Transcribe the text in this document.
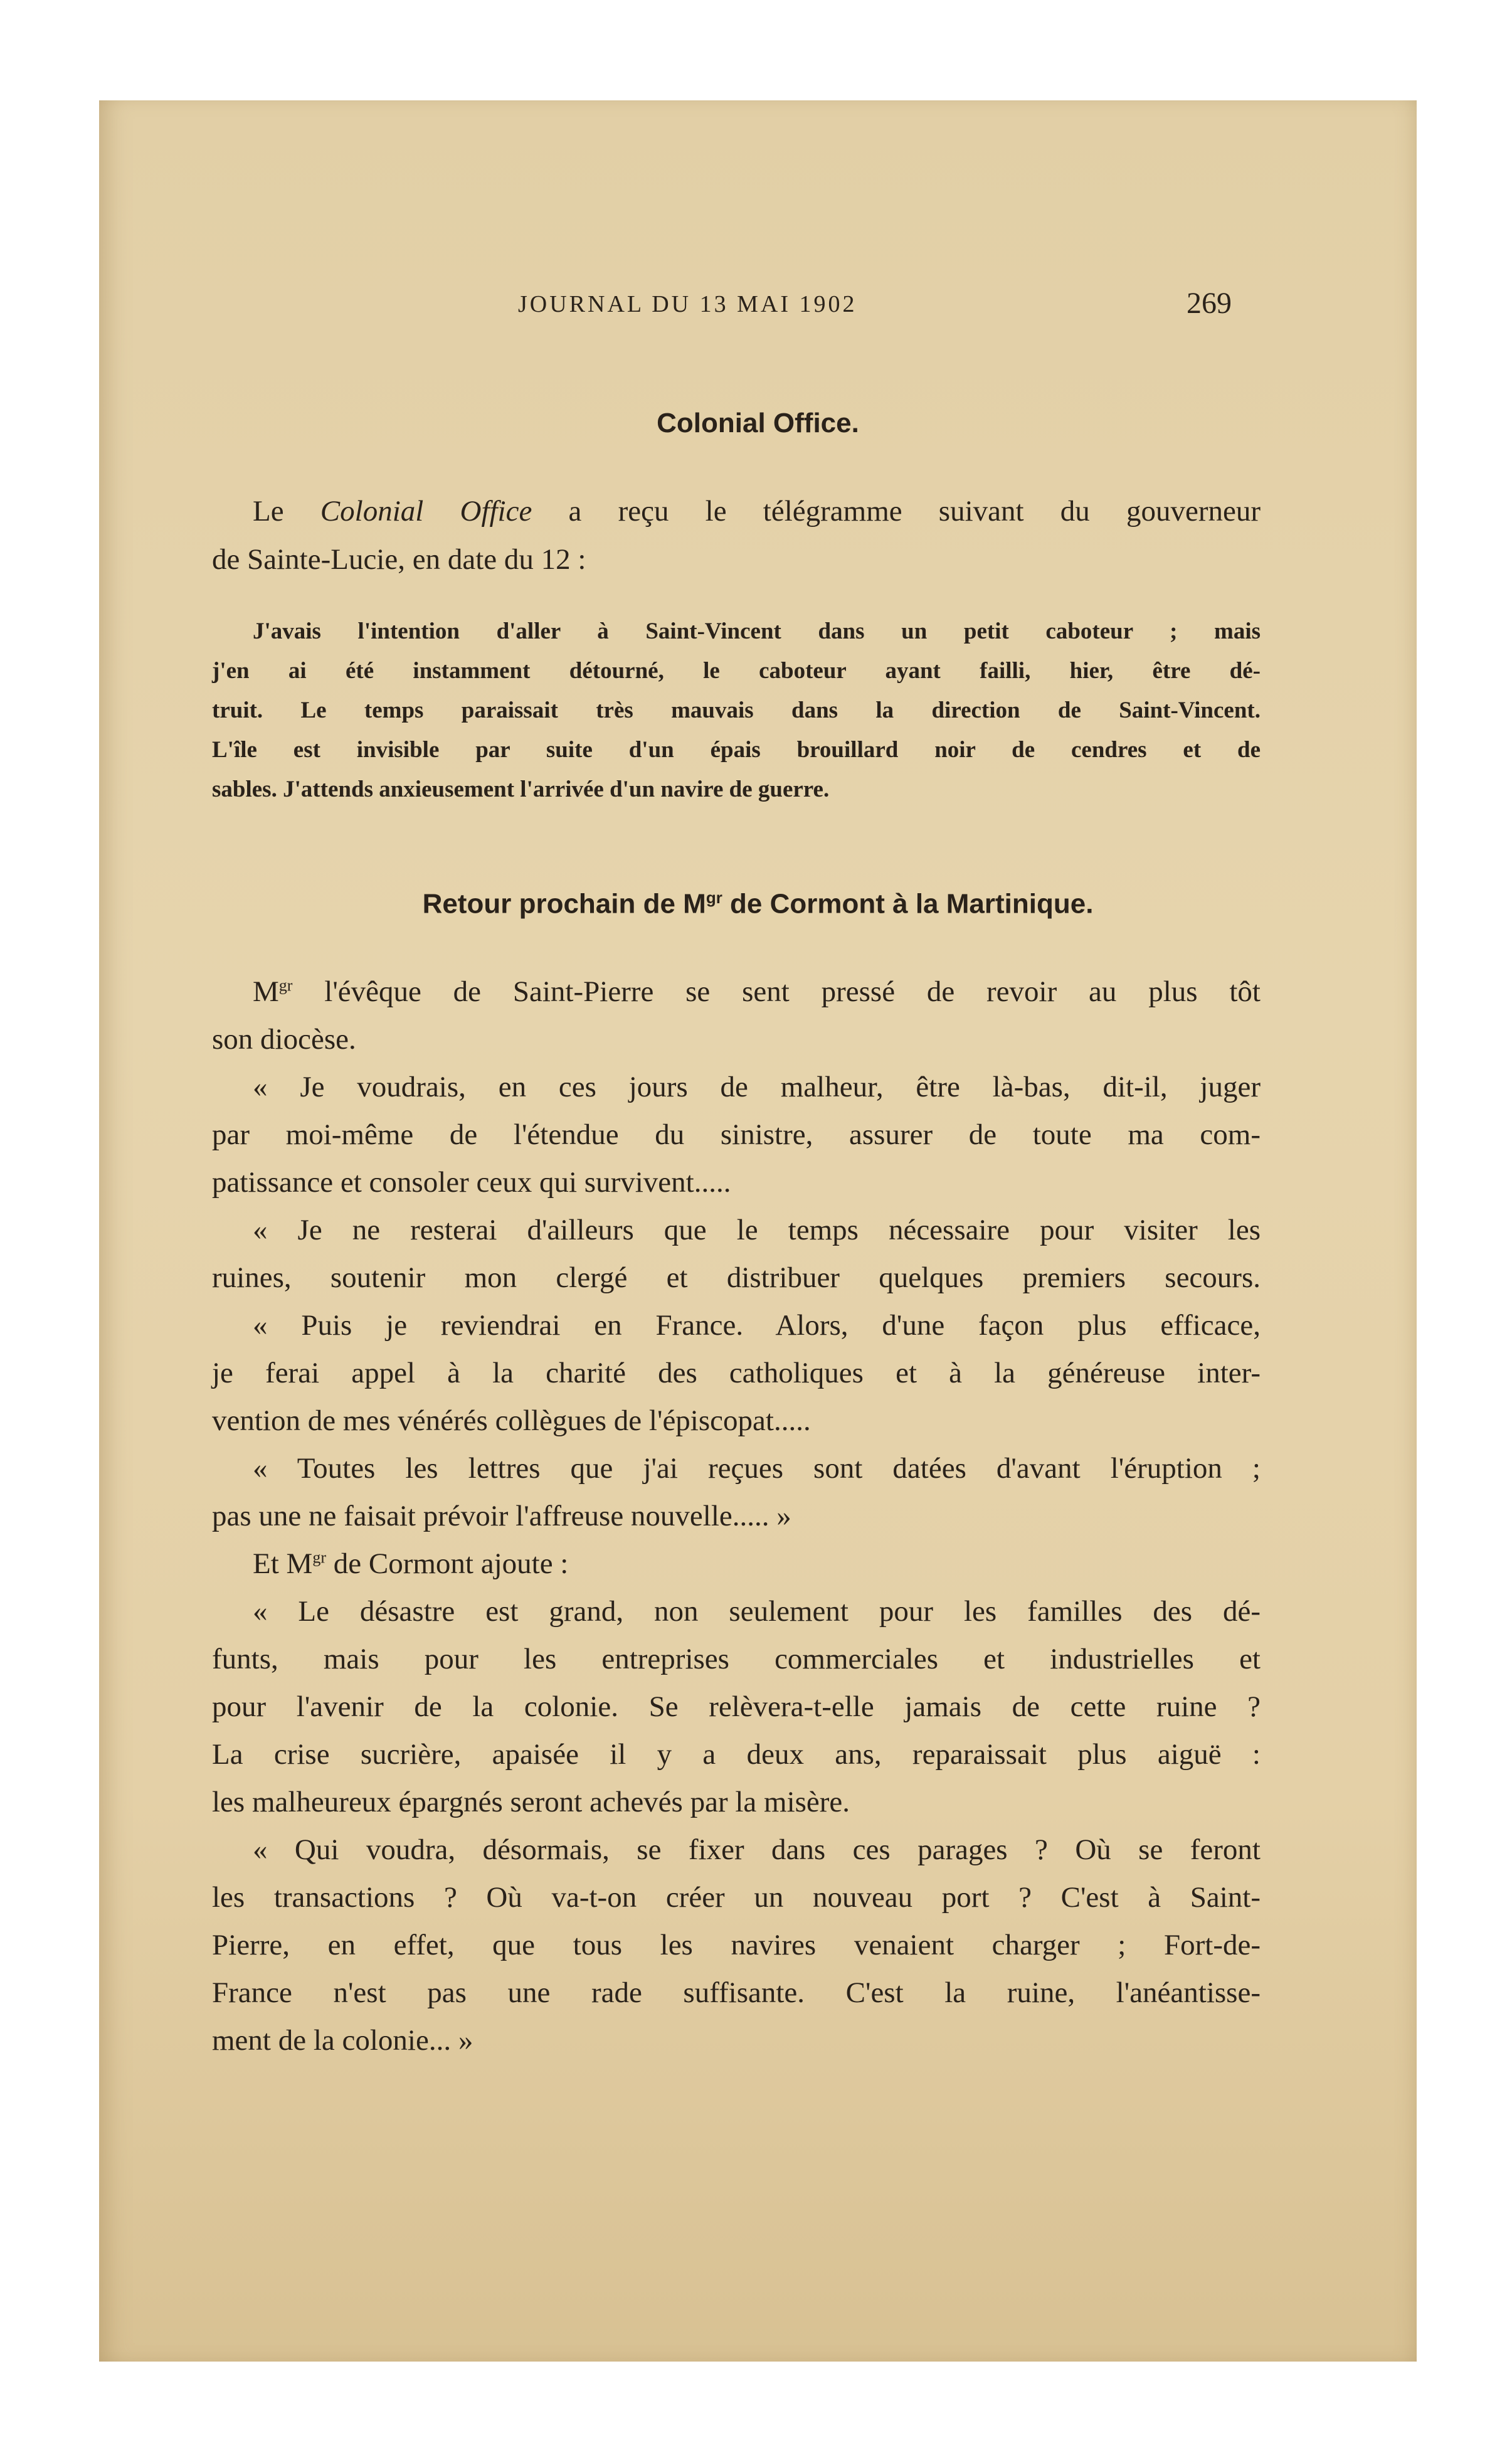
JOURNAL DU 13 MAI 1902	269
Colonial Office.
Le Colonial Office a reçu le télégramme suivant du gouverneur
de Sainte-Lucie, en date du 12 :
J'avais l'intention d'aller à Saint-Vincent dans un petit caboteur ; mais
j'en ai été instamment détourné, le caboteur ayant failli, hier, être dé-
truit. Le temps paraissait très mauvais dans la direction de Saint-Vincent.
L'île est invisible par suite d'un épais brouillard noir de cendres et de
sables. J'attends anxieusement l'arrivée d'un navire de guerre.
Retour prochain de $M^{gr}$ de Cormont à la Martinique.
$M^{gr}$ l'évêque de Saint-Pierre se sent pressé de revoir au plus tôt
son diocèse.
« Je voudrais, en ces jours de malheur, être là-bas, dit-il, juger
par moi-même de l'étendue du sinistre, assurer de toute ma com-
patissance et consoler ceux qui survivent.....
« Je ne resterai d'ailleurs que le temps nécessaire pour visiter les
ruines, soutenir mon clergé et distribuer quelques premiers secours.
« Puis je reviendrai en France. Alors, d'une façon plus efficace,
je ferai appel à la charité des catholiques et à la généreuse inter-
vention de mes vénérés collègues de l'épiscopat.....
« Toutes les lettres que j'ai reçues sont datées d'avant l'éruption ;
pas une ne faisait prévoir l'affreuse nouvelle..... »
Et $M^{gr}$ de Cormont ajoute :
« Le désastre est grand, non seulement pour les familles des dé-
funts, mais pour les entreprises commerciales et industrielles et
pour l'avenir de la colonie. Se relèvera-t-elle jamais de cette ruine ?
La crise sucrière, apaisée il y a deux ans, reparaissait plus aiguë :
les malheureux épargnés seront achevés par la misère.
« Qui voudra, désormais, se fixer dans ces parages ? Où se feront
les transactions ? Où va-t-on créer un nouveau port ? C'est à Saint-
Pierre, en effet, que tous les navires venaient charger ; Fort-de-
France n'est pas une rade suffisante. C'est la ruine, l'anéantisse-
ment de la colonie... »
